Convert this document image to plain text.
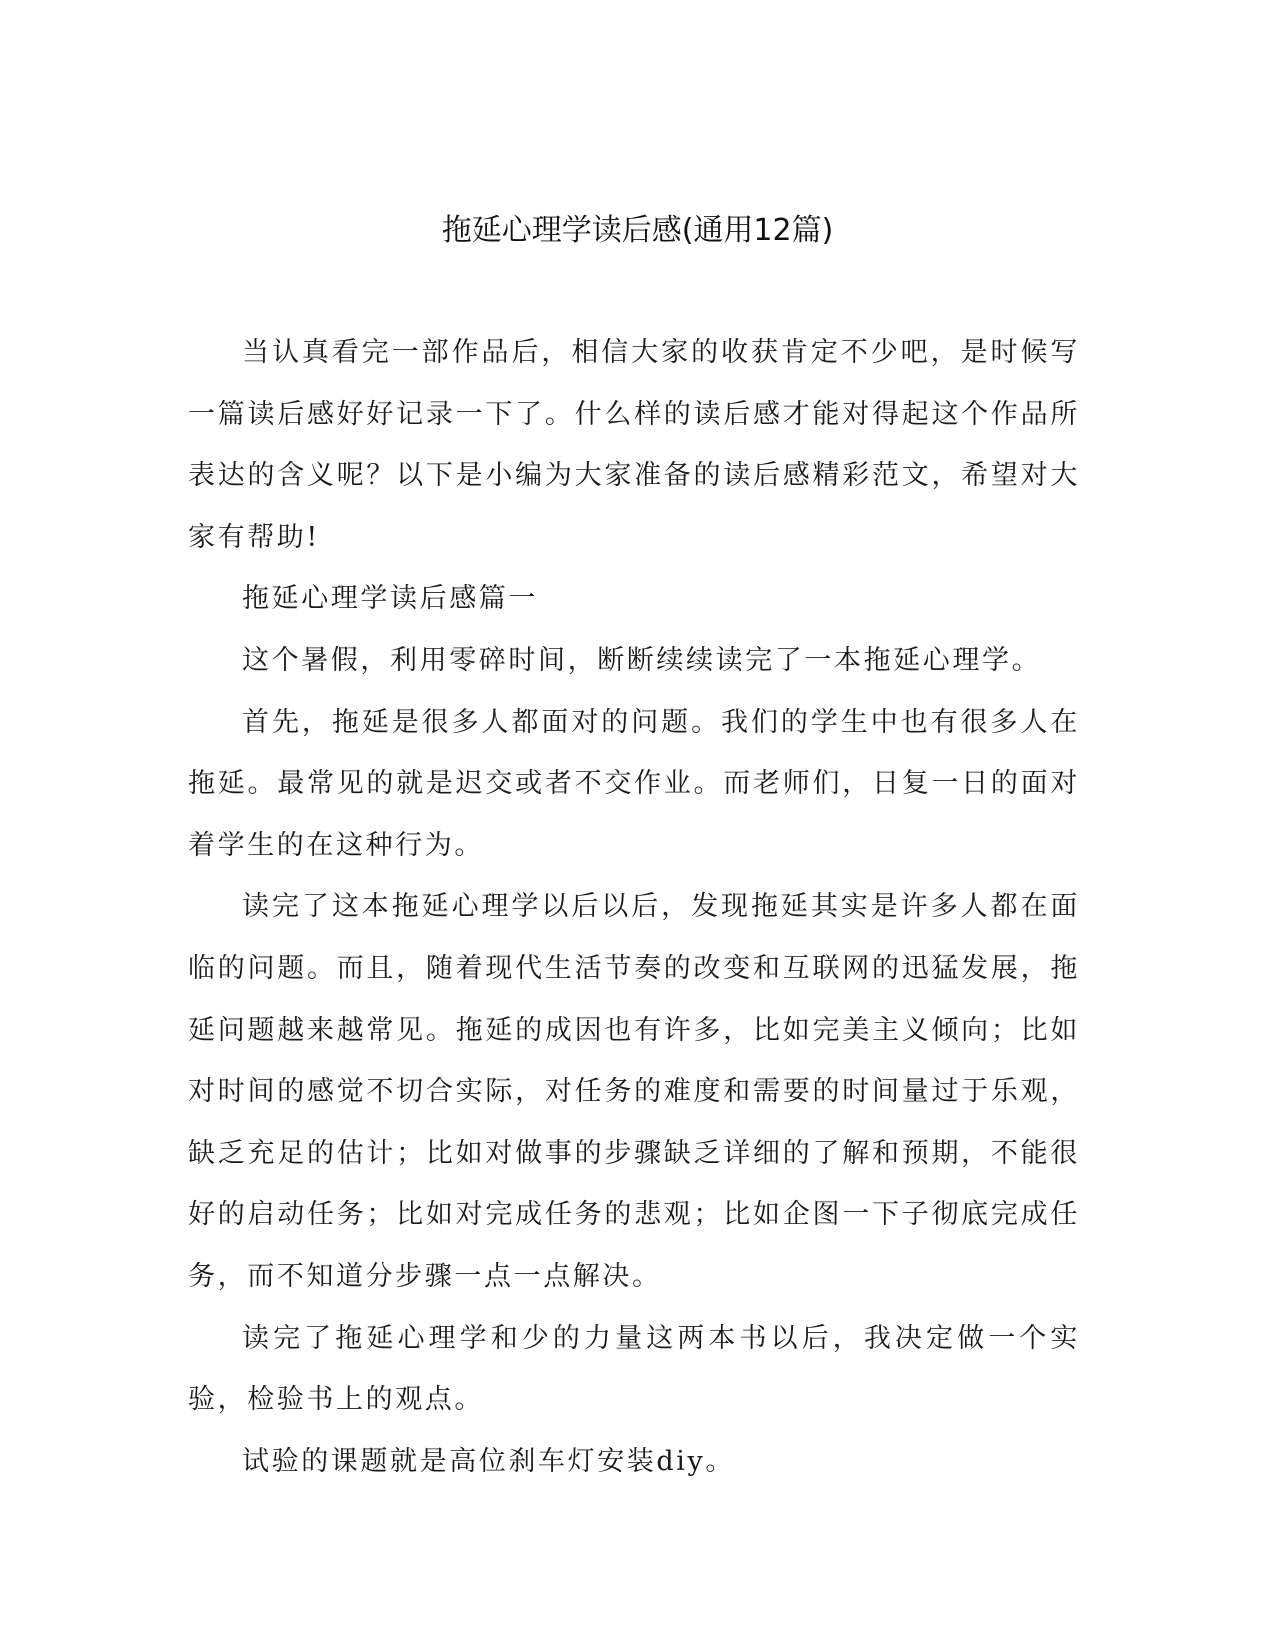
拖延心理学读后感(通用12篇)

当认真看完一部作品后，相信大家的收获肯定不少吧，是时候写一篇读后感好好记录一下了。什么样的读后感才能对得起这个作品所表达的含义呢？以下是小编为大家准备的读后感精彩范文，希望对大家有帮助!

拖延心理学读后感篇一

这个暑假，利用零碎时间，断断续续读完了一本拖延心理学。

首先，拖延是很多人都面对的问题。我们的学生中也有很多人在拖延。最常见的就是迟交或者不交作业。而老师们，日复一日的面对着学生的在这种行为。

读完了这本拖延心理学以后以后，发现拖延其实是许多人都在面临的问题。而且，随着现代生活节奏的改变和互联网的迅猛发展，拖延问题越来越常见。拖延的成因也有许多，比如完美主义倾向；比如对时间的感觉不切合实际，对任务的难度和需要的时间量过于乐观，缺乏充足的估计；比如对做事的步骤缺乏详细的了解和预期，不能很好的启动任务；比如对完成任务的悲观；比如企图一下子彻底完成任务，而不知道分步骤一点一点解决。

读完了拖延心理学和少的力量这两本书以后，我决定做一个实验，检验书上的观点。

试验的课题就是高位刹车灯安装diy。
